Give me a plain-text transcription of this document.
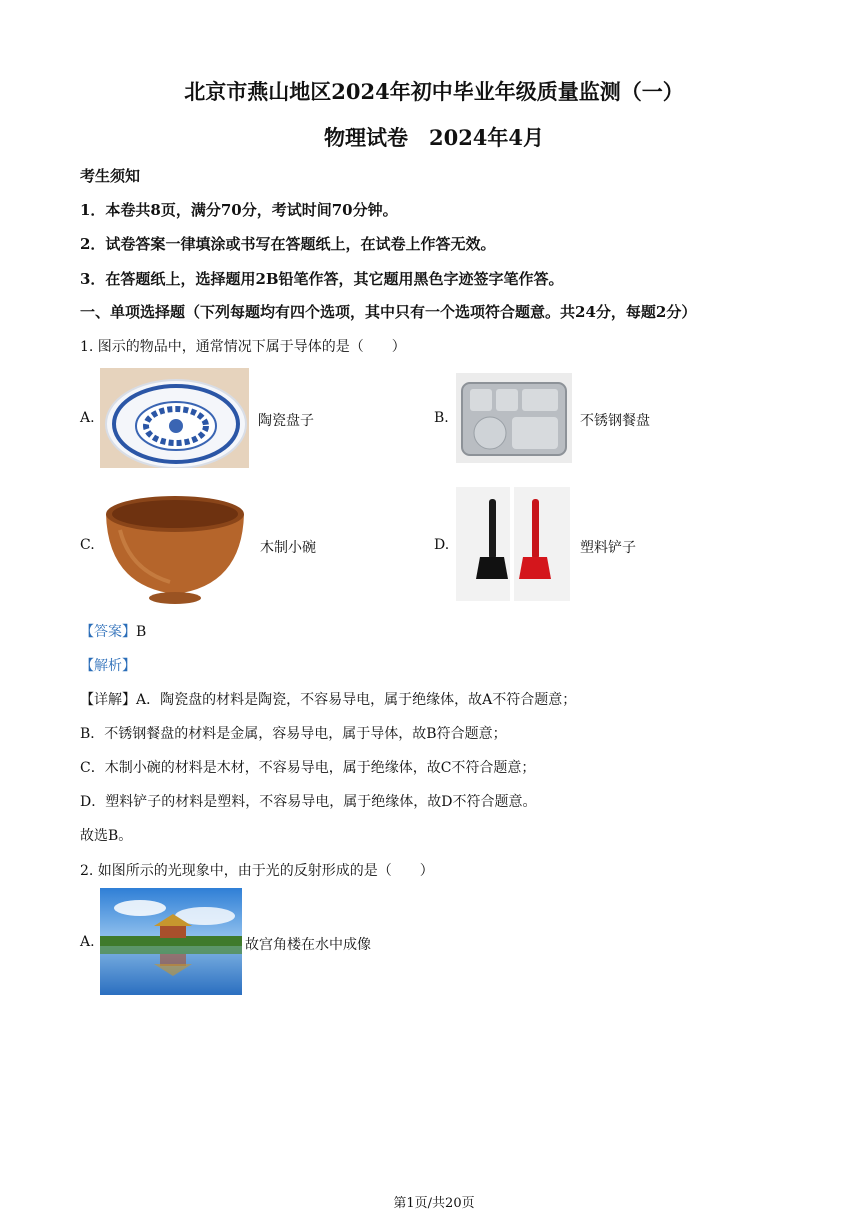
北京市燕山地区2024年初中毕业年级质量监测（一）
物理试卷　2024年4月
考生须知
1．本卷共8页，满分70分，考试时间70分钟。
2．试卷答案一律填涂或书写在答题纸上，在试卷上作答无效。
3．在答题纸上，选择题用2B铅笔作答，其它题用黑色字迹签字笔作答。
一、单项选择题（下列每题均有四个选项，其中只有一个选项符合题意。共24分，每题2分）
1. 图示的物品中，通常情况下属于导体的是（　　）
A.	陶瓷盘子	B.	不锈钢餐盘
C.	木制小碗	D.	塑料铲子
【答案】B
【解析】
【详解】A．陶瓷盘的材料是陶瓷，不容易导电，属于绝缘体，故A不符合题意；
B．不锈钢餐盘的材料是金属，容易导电，属于导体，故B符合题意；
C．木制小碗的材料是木材，不容易导电，属于绝缘体，故C不符合题意；
D．塑料铲子的材料是塑料，不容易导电，属于绝缘体，故D不符合题意。
故选B。
2. 如图所示的光现象中，由于光的反射形成的是（　　）
A.	故宫角楼在水中成像
第1页/共20页
